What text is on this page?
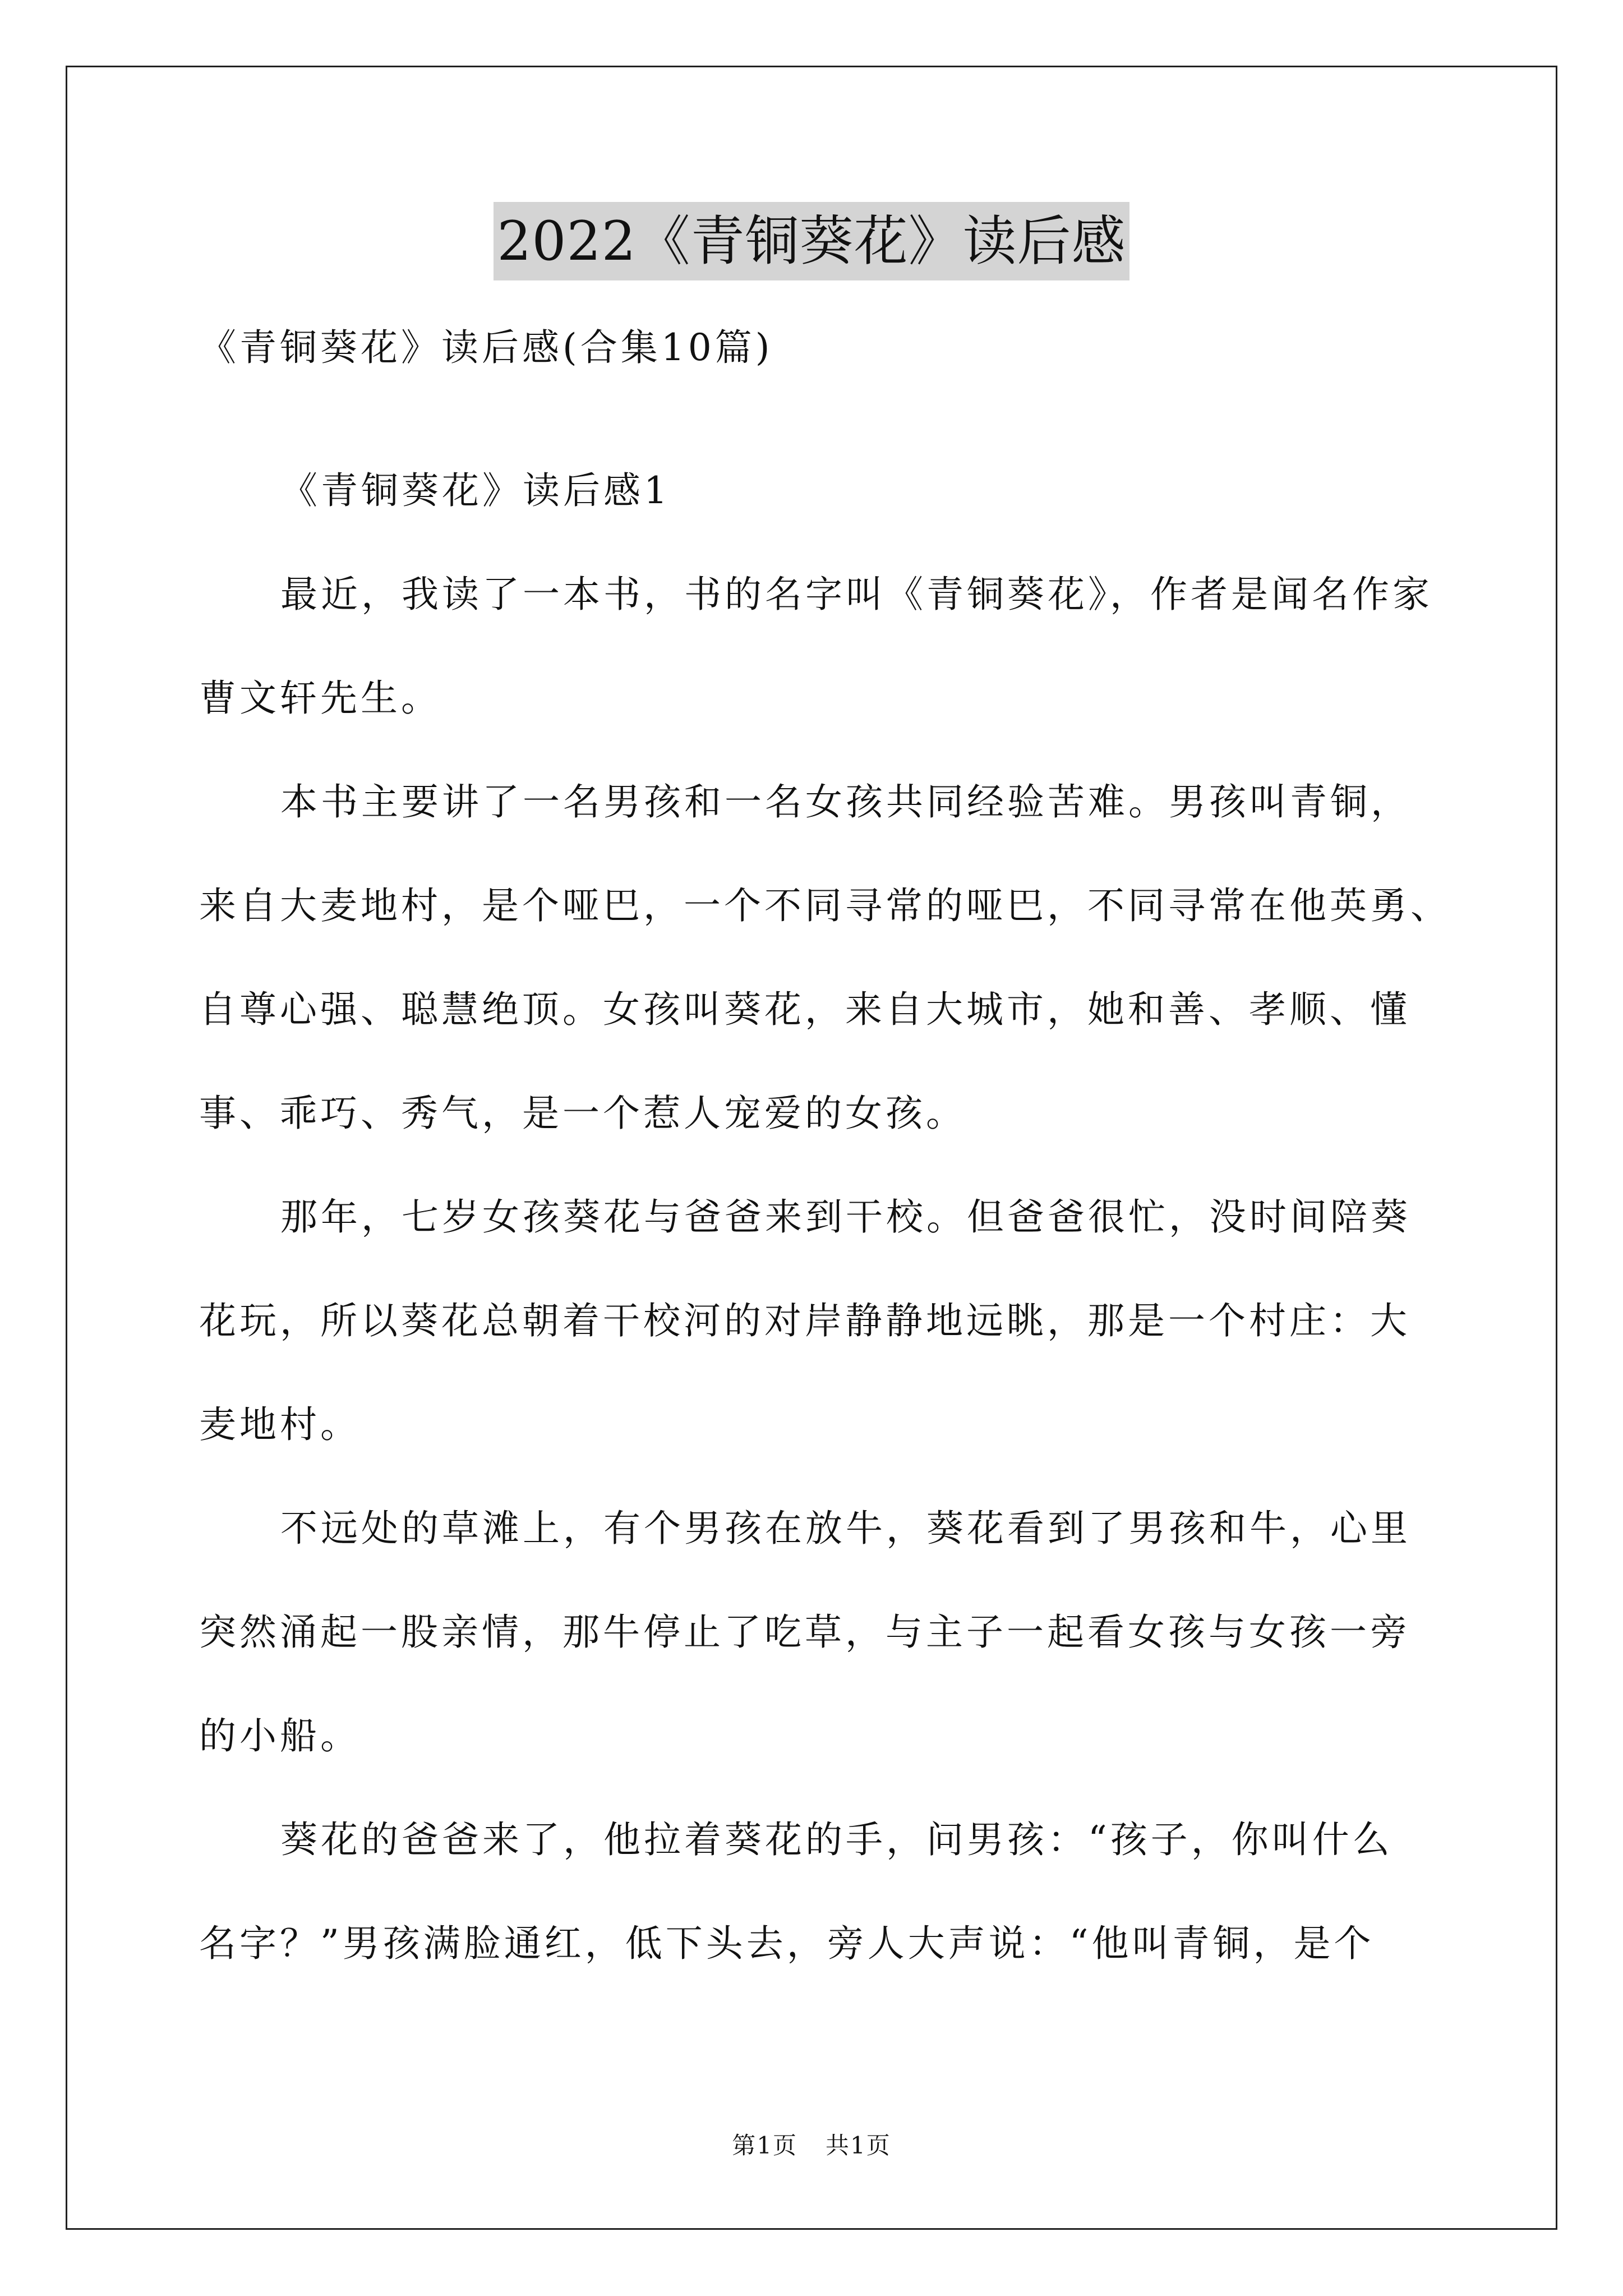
2022《青铜葵花》读后感
《青铜葵花》读后感(合集10篇)
《青铜葵花》读后感1
最近，我读了一本书，书的名字叫《青铜葵花》，作者是闻名作家
曹文轩先生。
本书主要讲了一名男孩和一名女孩共同经验苦难。男孩叫青铜，
来自大麦地村，是个哑巴，一个不同寻常的哑巴，不同寻常在他英勇、
自尊心强、聪慧绝顶。女孩叫葵花，来自大城市，她和善、孝顺、懂
事、乖巧、秀气，是一个惹人宠爱的女孩。
那年，七岁女孩葵花与爸爸来到干校。但爸爸很忙，没时间陪葵
花玩，所以葵花总朝着干校河的对岸静静地远眺，那是一个村庄：大
麦地村。
不远处的草滩上，有个男孩在放牛，葵花看到了男孩和牛，心里
突然涌起一股亲情，那牛停止了吃草，与主子一起看女孩与女孩一旁
的小船。
葵花的爸爸来了，他拉着葵花的手，问男孩：“孩子，你叫什么
名字？”男孩满脸通红，低下头去，旁人大声说：“他叫青铜，是个
第1页 共1页
